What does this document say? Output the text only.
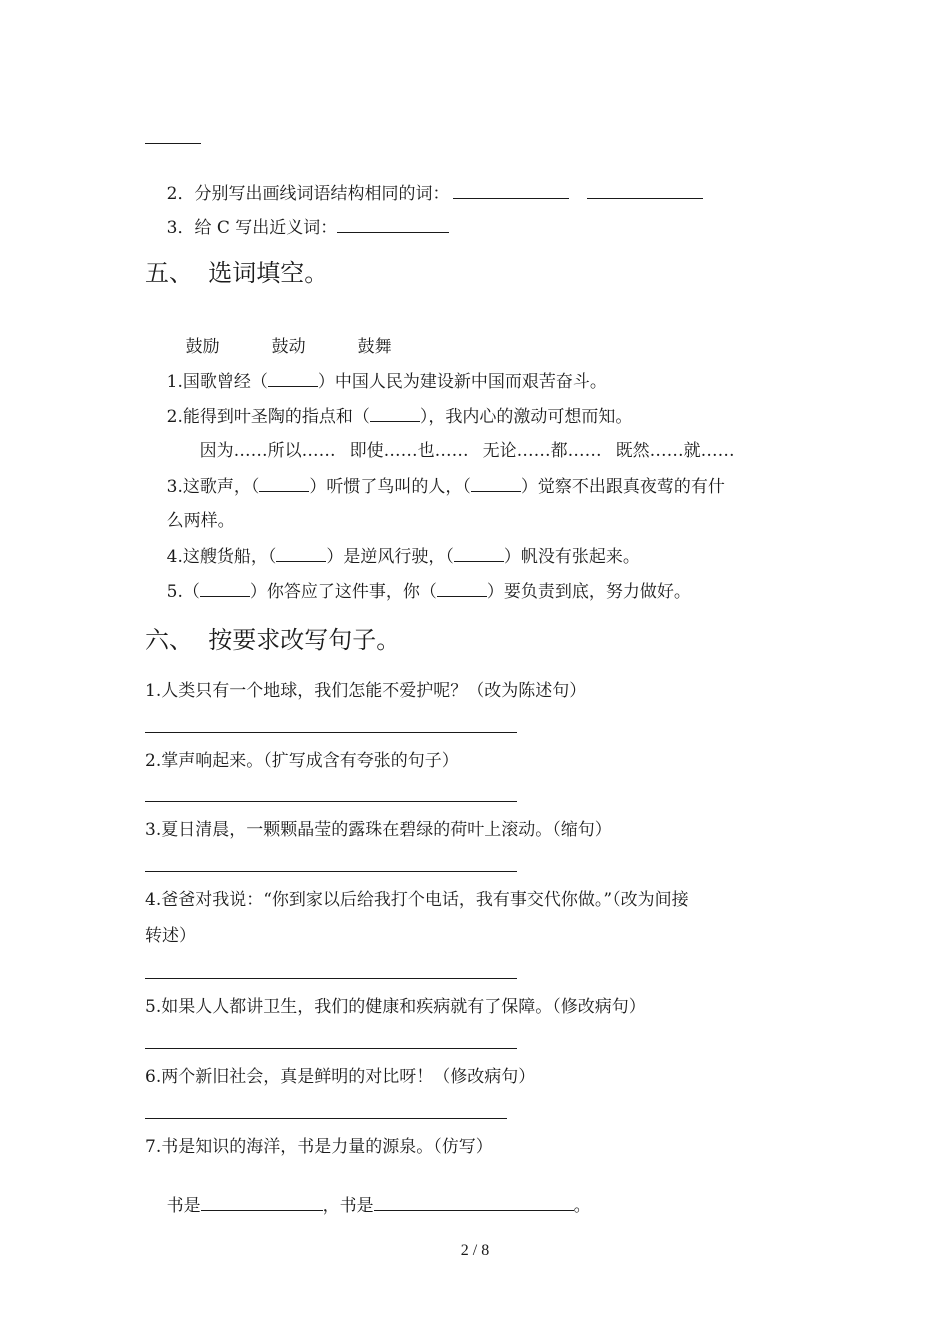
2．分别写出画线词语结构相同的词：

3．给 C 写出近义词：

五、  选词填空。

鼓励	鼓动	鼓舞

1.国歌曾经（	）中国人民为建设新中国而艰苦奋斗。

2.能得到叶圣陶的指点和（	），我内心的激动可想而知。

因为……所以…… 即使……也…… 无论……都…… 既然……就……

3.这歌声，（	）听惯了鸟叫的人，（	）觉察不出跟真夜莺的有什

么两样。

4.这艘货船，（	）是逆风行驶，（	）帆没有张起来。

5.（	）你答应了这件事，你（	）要负责到底，努力做好。

六、  按要求改写句子。
1.人类只有一个地球，我们怎能不爱护呢？（改为陈述句）
2.掌声响起来。（扩写成含有夸张的句子）
3.夏日清晨，一颗颗晶莹的露珠在碧绿的荷叶上滚动。（缩句）
4.爸爸对我说：“你到家以后给我打个电话，我有事交代你做。”（改为间接
转述）
5.如果人人都讲卫生，我们的健康和疾病就有了保障。（修改病句）
6.两个新旧社会，真是鲜明的对比呀！（修改病句）
7.书是知识的海洋，书是力量的源泉。（仿写）

书是	，书是	。

2 / 8
